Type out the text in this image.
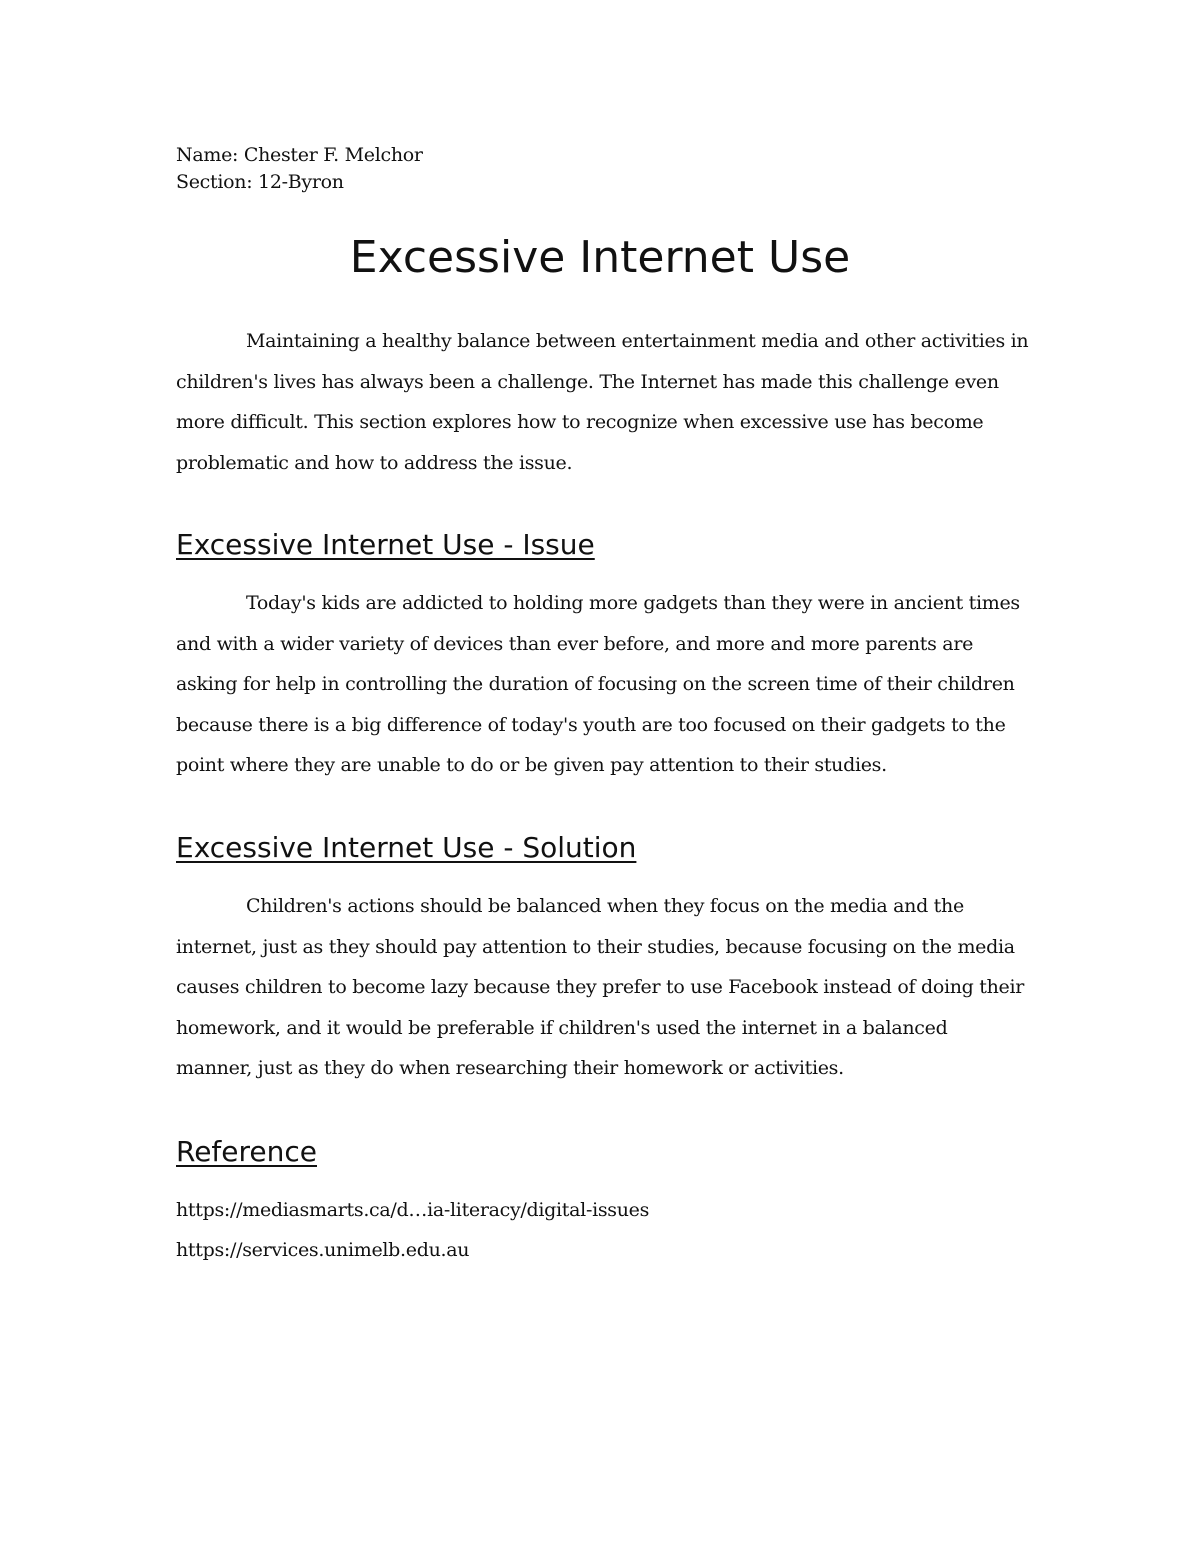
Name: Chester F. Melchor
Section: 12-Byron
Excessive Internet Use
Maintaining a healthy balance between entertainment media and other activities in
children's lives has always been a challenge. The Internet has made this challenge even
more difficult. This section explores how to recognize when excessive use has become
problematic and how to address the issue.
Excessive Internet Use - Issue
Today's kids are addicted to holding more gadgets than they were in ancient times
and with a wider variety of devices than ever before, and more and more parents are
asking for help in controlling the duration of focusing on the screen time of their children
because there is a big difference of today's youth are too focused on their gadgets to the
point where they are unable to do or be given pay attention to their studies.
Excessive Internet Use - Solution
Children's actions should be balanced when they focus on the media and the
internet, just as they should pay attention to their studies, because focusing on the media
causes children to become lazy because they prefer to use Facebook instead of doing their
homework, and it would be preferable if children's used the internet in a balanced
manner, just as they do when researching their homework or activities.
Reference
https://mediasmarts.ca/d…ia-literacy/digital-issues
https://services.unimelb.edu.au
